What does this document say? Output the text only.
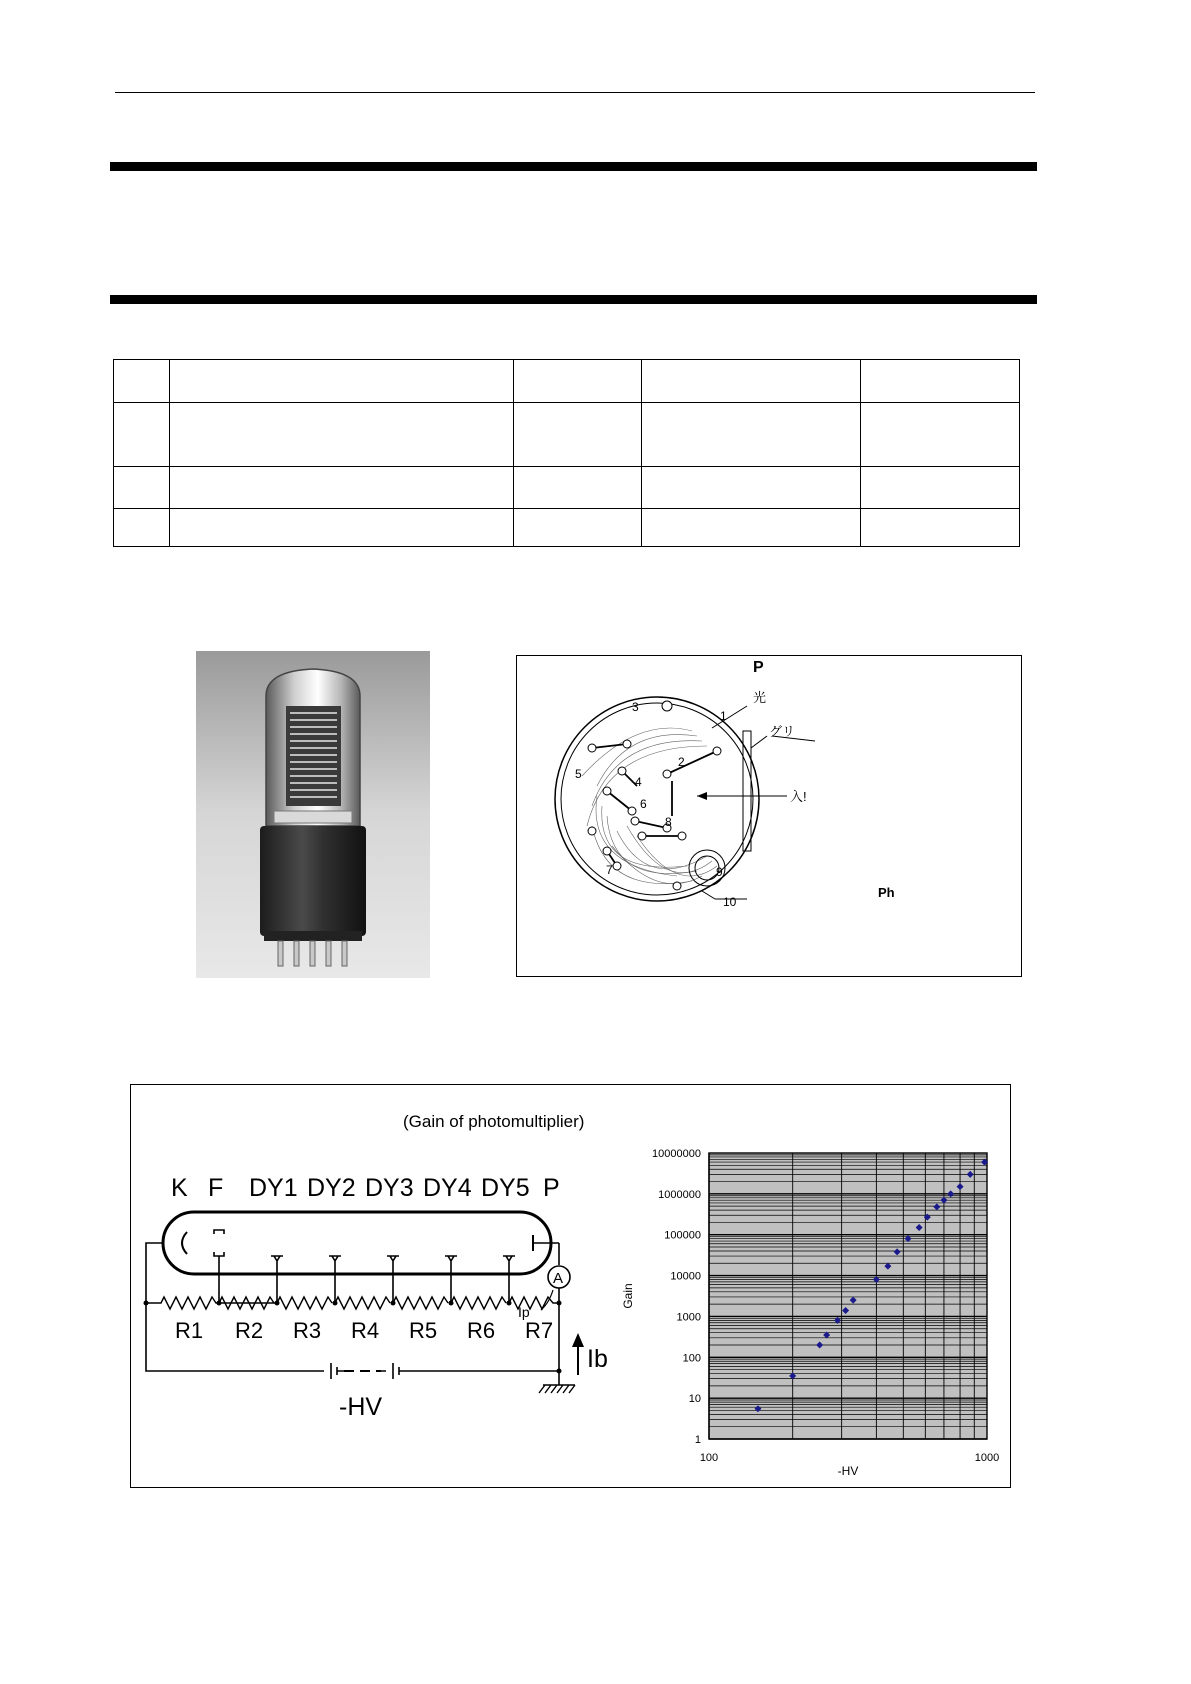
P
光
グリ
入!
Ph
1
2
3
4
5
6
7
8
9
10
(Gain of photomultiplier)
K F DY1 DY2 DY3 DY4 DY5 P
A
R1 R2 R3 R4 R5 R6 R7
Ip
-HV
Ib
1
10
100
1000
10000
100000
1000000
10000000
100	1000
-HV
Gain
